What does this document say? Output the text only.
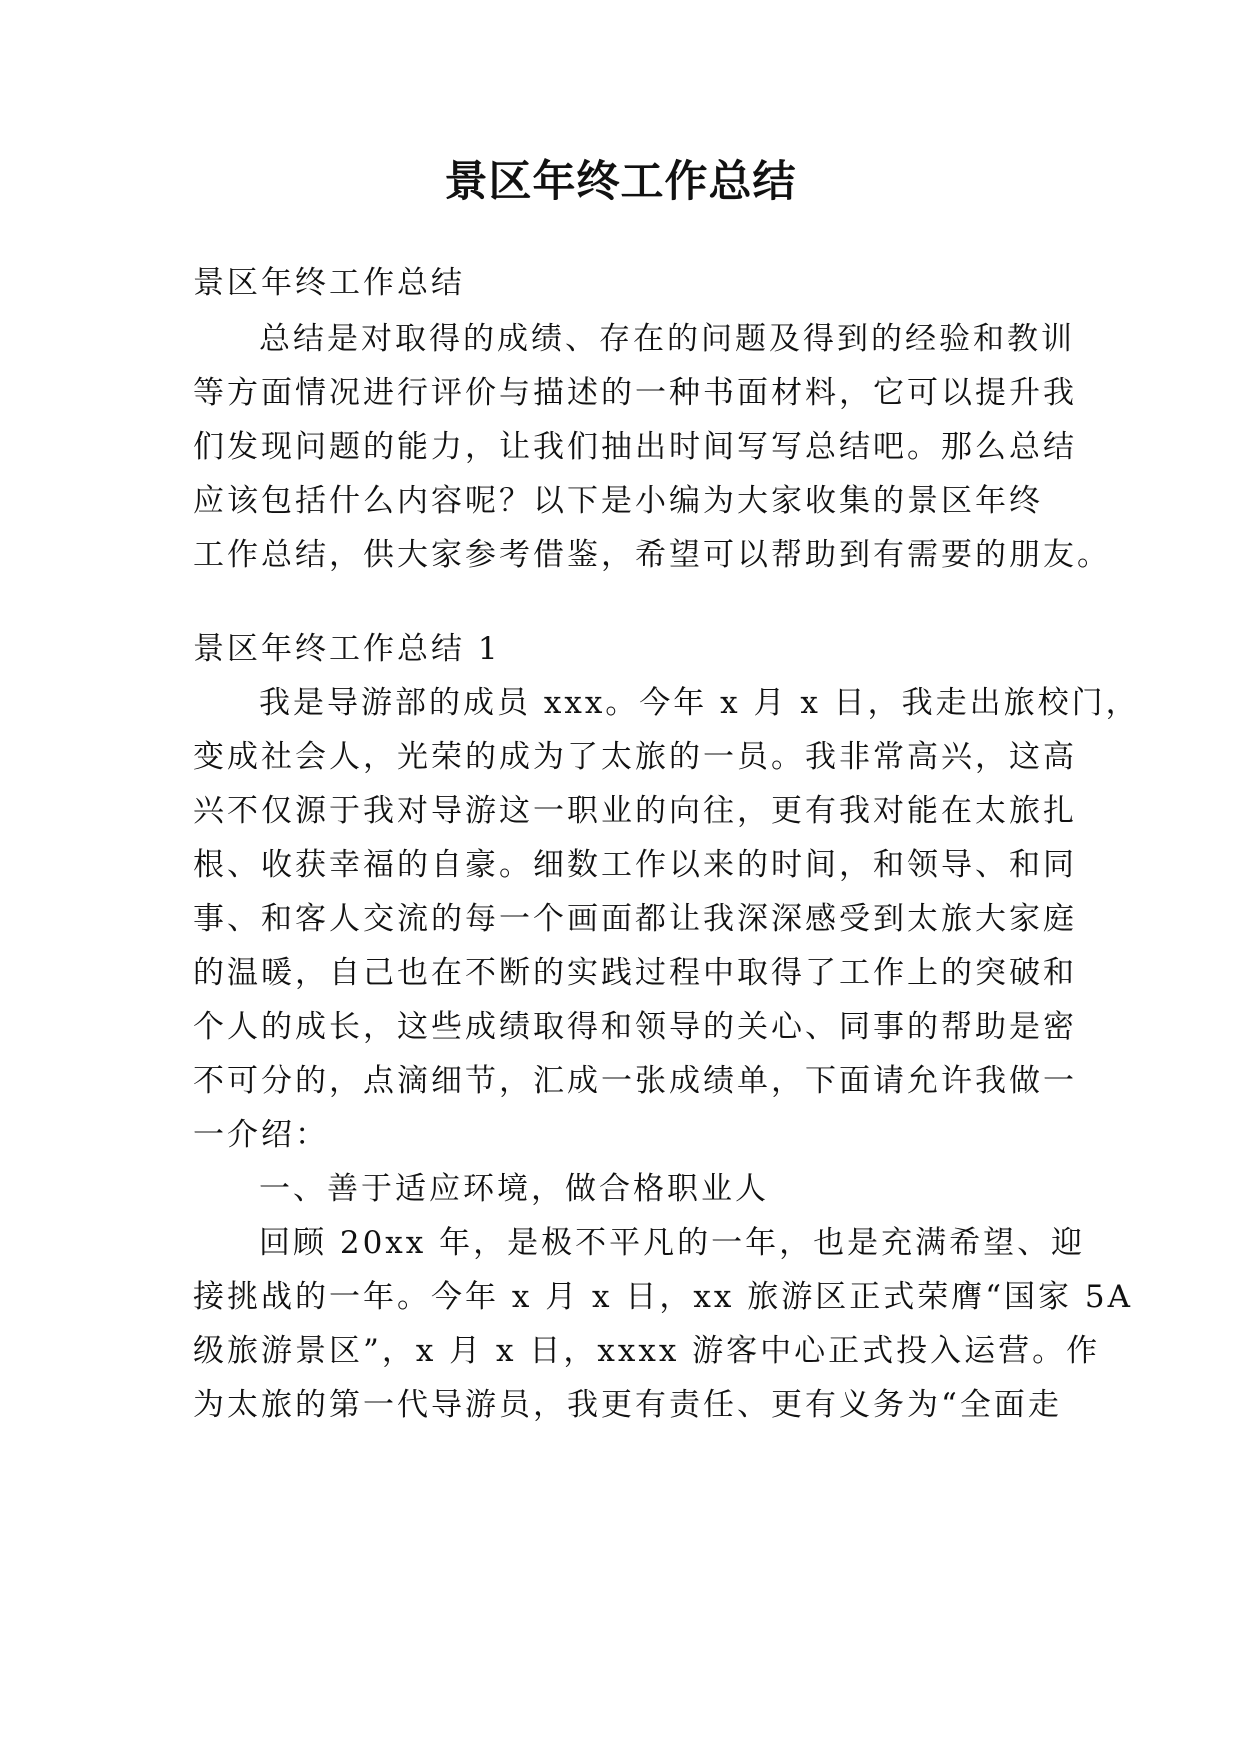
景区年终工作总结

景区年终工作总结

总结是对取得的成绩、存在的问题及得到的经验和教训

等方面情况进行评价与描述的一种书面材料，它可以提升我

们发现问题的能力，让我们抽出时间写写总结吧。那么总结

应该包括什么内容呢？以下是小编为大家收集的景区年终

工作总结，供大家参考借鉴，希望可以帮助到有需要的朋友。

景区年终工作总结 1

我是导游部的成员 xxx。今年 x 月 x 日，我走出旅校门，

变成社会人，光荣的成为了太旅的一员。我非常高兴，这高

兴不仅源于我对导游这一职业的向往，更有我对能在太旅扎

根、收获幸福的自豪。细数工作以来的时间，和领导、和同

事、和客人交流的每一个画面都让我深深感受到太旅大家庭

的温暖，自己也在不断的实践过程中取得了工作上的突破和

个人的成长，这些成绩取得和领导的关心、同事的帮助是密

不可分的，点滴细节，汇成一张成绩单，下面请允许我做一

一介绍：

一、善于适应环境，做合格职业人

回顾 20xx 年，是极不平凡的一年，也是充满希望、迎

接挑战的一年。今年 x 月 x 日，xx 旅游区正式荣膺“国家 5A

级旅游景区”，x 月 x 日，xxxx 游客中心正式投入运营。作

为太旅的第一代导游员，我更有责任、更有义务为“全面走
